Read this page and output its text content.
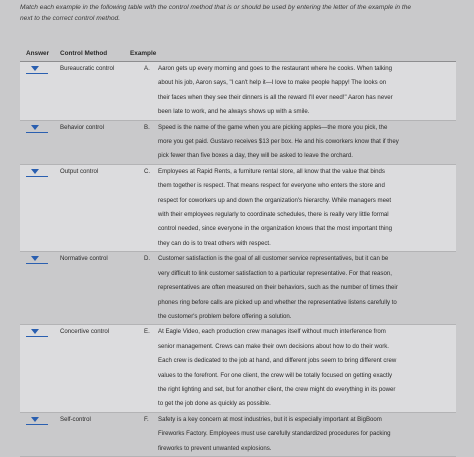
Match each example in the following table with the control method that is or should be used by entering the letter of the example in the
next to the correct control method.
Answer	Control Method	Example
Bureaucratic control	A.	Aaron gets up every morning and goes to the restaurant where he cooks. When talking
about his job, Aaron says, "I can't help it—I love to make people happy! The looks on
their faces when they see their dinners is all the reward I'll ever need!" Aaron has never
been late to work, and he always shows up with a smile.
Behavior control	B.	Speed is the name of the game when you are picking apples—the more you pick, the
more you get paid. Gustavo receives $13 per box. He and his coworkers know that if they
pick fewer than five boxes a day, they will be asked to leave the orchard.
Output control	C.	Employees at Rapid Rents, a furniture rental store, all know that the value that binds
them together is respect. That means respect for everyone who enters the store and
respect for coworkers up and down the organization's hierarchy. While managers meet
with their employees regularly to coordinate schedules, there is really very little formal
control needed, since everyone in the organization knows that the most important thing
they can do is to treat others with respect.
Normative control	D.	Customer satisfaction is the goal of all customer service representatives, but it can be
very difficult to link customer satisfaction to a particular representative. For that reason,
representatives are often measured on their behaviors, such as the number of times their
phones ring before calls are picked up and whether the representative listens carefully to
the customer's problem before offering a solution.
Concertive control	E.	At Eagle Video, each production crew manages itself without much interference from
senior management. Crews can make their own decisions about how to do their work.
Each crew is dedicated to the job at hand, and different jobs seem to bring different crew
values to the forefront. For one client, the crew will be totally focused on getting exactly
the right lighting and set, but for another client, the crew might do everything in its power
to get the job done as quickly as possible.
Self-control	F.	Safety is a key concern at most industries, but it is especially important at BigBoom
Fireworks Factory. Employees must use carefully standardized procedures for packing
fireworks to prevent unwanted explosions.
